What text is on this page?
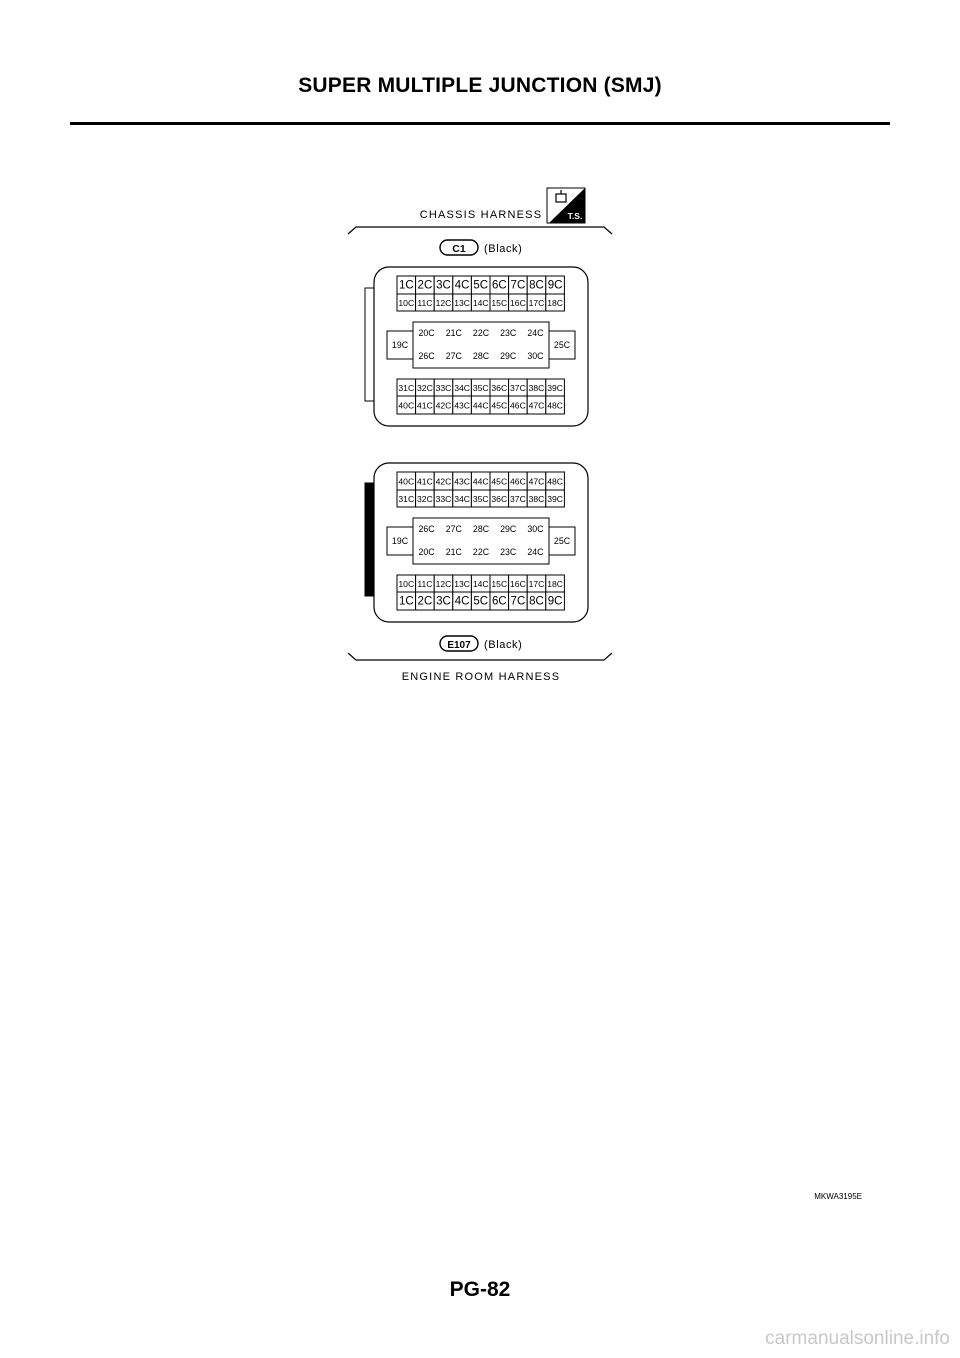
SUPER MULTIPLE JUNCTION (SMJ)
CHASSIS HARNESS	T.S.
C1 (Black)
1C 2C 3C 4C 5C 6C 7C 8C 9C
10C 11C 12C 13C 14C 15C 16C 17C 18C
19C	25C
20C 21C 22C 23C 24C
26C 27C 28C 29C 30C
31C 32C 33C 34C 35C 36C 37C 38C 39C
40C 41C 42C 43C 44C 45C 46C 47C 48C
40C 41C 42C 43C 44C 45C 46C 47C 48C
31C 32C 33C 34C 35C 36C 37C 38C 39C
19C	25C
26C 27C 28C 29C 30C
20C 21C 22C 23C 24C
10C 11C 12C 13C 14C 15C 16C 17C 18C
1C 2C 3C 4C 5C 6C 7C 8C 9C
E107 (Black)
ENGINE ROOM HARNESS
MKWA3195E
PG-82
carmanualsonline.info
